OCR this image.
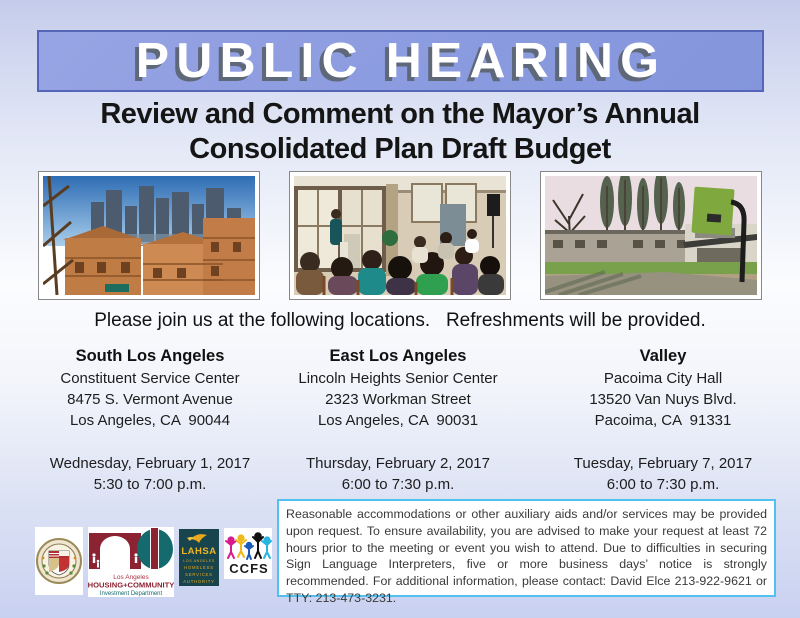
PUBLIC HEARING
Review and Comment on the Mayor’s Annual
Consolidated Plan Draft Budget
Please join us at the following locations.   Refreshments will be provided.
South Los Angeles
Constituent Service Center
8475 S. Vermont Avenue
Los Angeles, CA  90044
Wednesday, February 1, 2017
5:30 to 7:00 p.m.
East Los Angeles
Lincoln Heights Senior Center
2323 Workman Street
Los Angeles, CA  90031
Thursday, February 2, 2017
6:00 to 7:30 p.m.
Valley
Pacoima City Hall
13520 Van Nuys Blvd.
Pacoima, CA  91331
Tuesday, February 7, 2017
6:00 to 7:30 p.m.
Reasonable accommodations or other auxiliary aids and/or services may be provided upon request. To ensure availability, you are advised to make your request at least 72 hours prior to the meeting or event you wish to attend. Due to difficulties in securing Sign Language Interpreters, five or more business days’ notice is strongly recommended. For additional information, please contact: David Elce 213-922-9621 or TTY: 213-473-3231.
Los Angeles
HOUSING+COMMUNITY
Investment Department
LAHSA
LOS ANGELES
HOMELESS
SERVICES
AUTHORITY
CCFS
